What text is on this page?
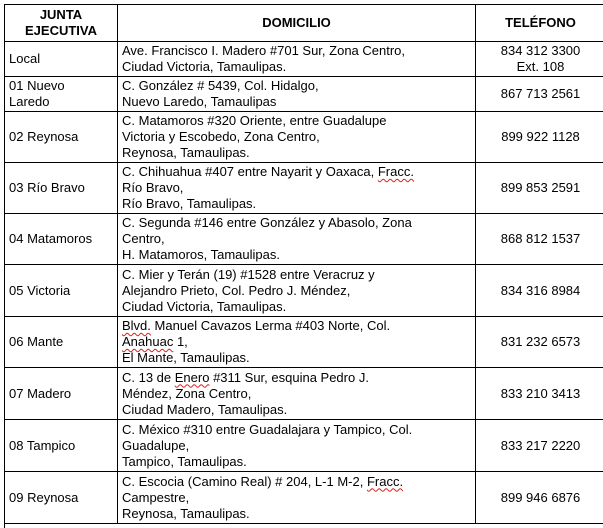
JUNTA
EJECUTIVA	DOMICILIO	TELÉFONO
Local	Ave. Francisco I. Madero #701 Sur, Zona Centro,
Ciudad Victoria, Tamaulipas.	834 312 3300
Ext. 108

01 Nuevo
Laredo	C. González # 5439, Col. Hidalgo,
Nuevo Laredo, Tamaulipas	867 713 2561
02 Reynosa	C. Matamoros #320 Oriente, entre Guadalupe
Victoria y Escobedo, Zona Centro,
Reynosa, Tamaulipas.	899 922 1128
03 Río Bravo	C. Chihuahua #407 entre Nayarit y Oaxaca, Fracc.
Río Bravo,
Río Bravo, Tamaulipas.	899 853 2591
04 Matamoros	C. Segunda #146 entre González y Abasolo, Zona
Centro,
H. Matamoros, Tamaulipas.	868 812 1537
05 Victoria	C. Mier y Terán (19) #1528 entre Veracruz y
Alejandro Prieto, Col. Pedro J. Méndez,
Ciudad Victoria, Tamaulipas.	834 316 8984
06 Mante	Blvd. Manuel Cavazos Lerma #403 Norte, Col.
Anahuac 1,
El Mante, Tamaulipas.	831 232 6573
07 Madero	C. 13 de Enero #311 Sur, esquina Pedro J.
Méndez, Zona Centro,
Ciudad Madero, Tamaulipas.	833 210 3413
08 Tampico	C. México #310 entre Guadalajara y Tampico, Col.
Guadalupe,
Tampico, Tamaulipas.	833 217 2220
09 Reynosa	C. Escocia (Camino Real) # 204, L-1 M-2, Fracc.
Campestre,
Reynosa, Tamaulipas.	899 946 6876
